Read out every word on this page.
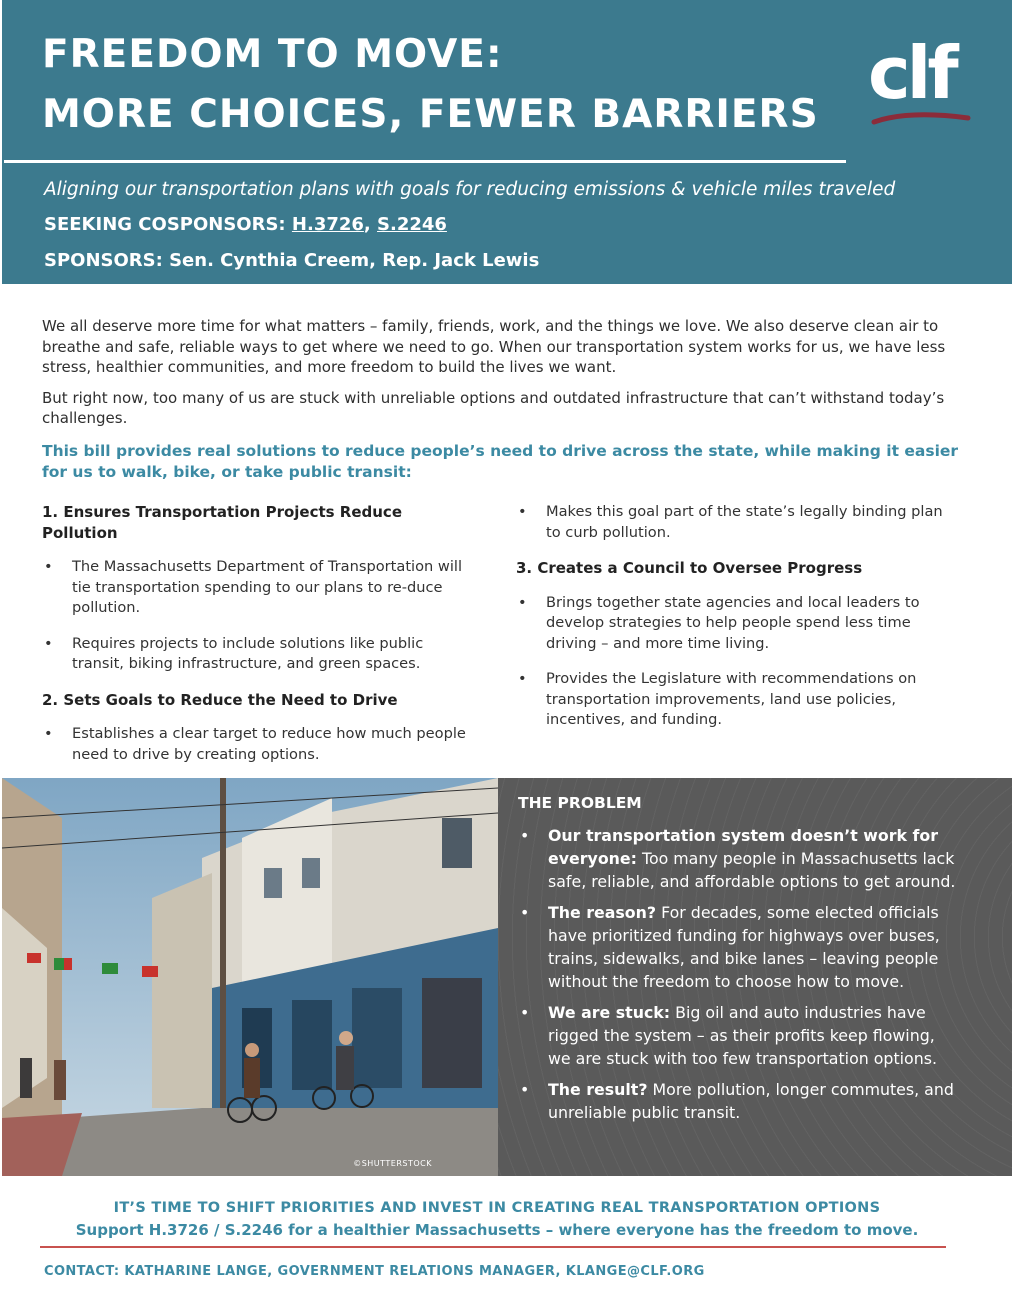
FREEDOM TO MOVE:
MORE CHOICES, FEWER BARRIERS clf
Aligning our transportation plans with goals for reducing emissions & vehicle miles traveled
SEEKING COSPONSORS: H.3726, S.2246
SPONSORS: Sen. Cynthia Creem, Rep. Jack Lewis

We all deserve more time for what matters – family, friends, work, and the things we love. We also deserve clean air to breathe and safe, reliable ways to get where we need to go. When our transportation system works for us, we have less stress, healthier communities, and more freedom to build the lives we want.

But right now, too many of us are stuck with unreliable options and outdated infrastructure that can’t withstand today’s challenges.

This bill provides real solutions to reduce people’s need to drive across the state, while making it easier for us to walk, bike, or take public transit:
1. Ensures Transportation Projects Reduce Pollution
• The Massachusetts Department of Transportation will tie transportation spending to our plans to re-duce pollution.
• Requires projects to include solutions like public transit, biking infrastructure, and green spaces.
2. Sets Goals to Reduce the Need to Drive
• Establishes a clear target to reduce how much people need to drive by creating options.
• Makes this goal part of the state’s legally binding plan to curb pollution.
3. Creates a Council to Oversee Progress
• Brings together state agencies and local leaders to develop strategies to help people spend less time driving – and more time living.
• Provides the Legislature with recommendations on transportation improvements, land use policies, incentives, and funding.
©SHUTTERSTOCK
THE PROBLEM
• Our transportation system doesn’t work for everyone: Too many people in Massachusetts lack safe, reliable, and affordable options to get around.
• The reason? For decades, some elected officials have prioritized funding for highways over buses, trains, sidewalks, and bike lanes – leaving people without the freedom to choose how to move.
• We are stuck: Big oil and auto industries have rigged the system – as their profits keep flowing, we are stuck with too few transportation options.
• The result? More pollution, longer commutes, and unreliable public transit.
IT’S TIME TO SHIFT PRIORITIES AND INVEST IN CREATING REAL TRANSPORTATION OPTIONS
Support H.3726 / S.2246 for a healthier Massachusetts – where everyone has the freedom to move.
CONTACT: KATHARINE LANGE, GOVERNMENT RELATIONS MANAGER, KLANGE@CLF.ORG
